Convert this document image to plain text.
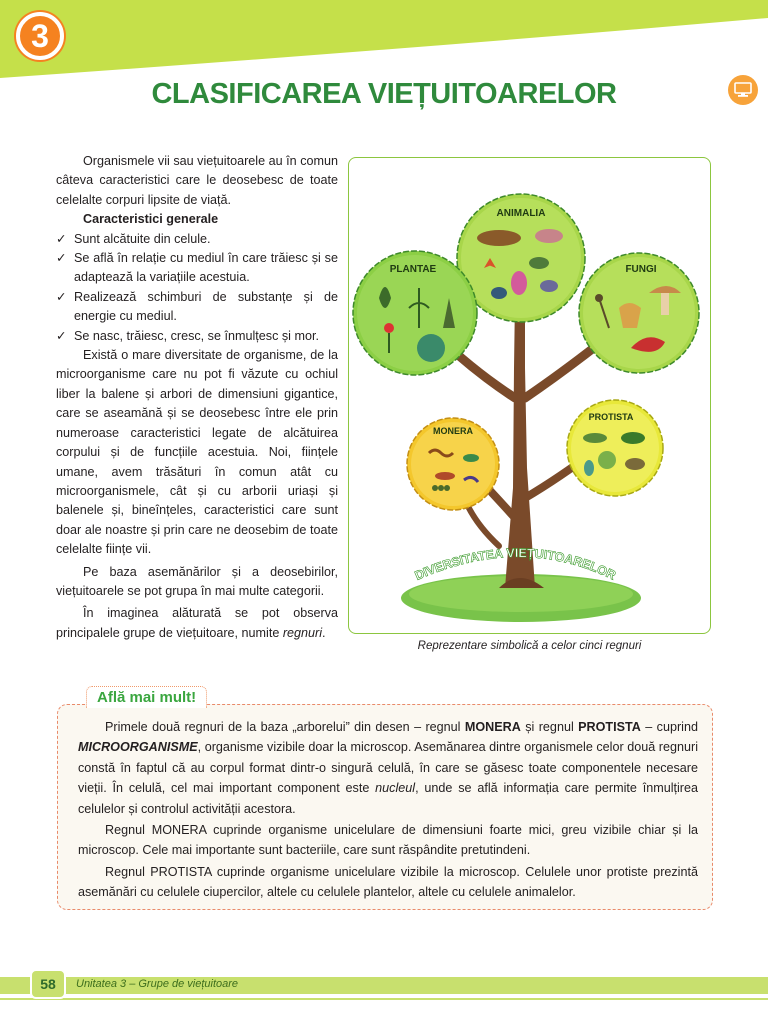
3
CLASIFICAREA VIEȚUITOARELOR

Organismele vii sau viețuitoarele au în comun câteva caracteristici care le deosebesc de toate celelalte corpuri lipsite de viață.

Caracteristici generale

✓ Sunt alcătuite din celule.
✓ Se află în relație cu mediul în care trăiesc și se adaptează la variațiile acestuia.
✓ Realizează schimburi de substanțe și de energie cu mediul.
✓ Se nasc, trăiesc, cresc, se înmulțesc și mor.

Există o mare diversitate de organisme, de la microorganisme care nu pot fi văzute cu ochiul liber la balene și arbori de dimensiuni gigantice, care se aseamănă și se deosebesc între ele prin numeroase caracteristici legate de alcătuirea corpului și de funcțiile acestuia. Noi, ființele umane, avem trăsături în comun atât cu microorganismele, cât și cu arborii uriași și balenele și, bineînțeles, caracteristici care sunt doar ale noastre și prin care ne deosebim de toate celelalte ființe vii.

Pe baza asemănărilor și a deosebirilor, viețuitoarele se pot grupa în mai multe categorii.

În imaginea alăturată se pot observa principalele grupe de viețuitoare, numite regnuri.

ANIMALIA
PLANTAE	FUNGI
MONERA
PROTISTA
DIVERSITATEA VIEȚUITOARELOR
Reprezentare simbolică a celor cinci regnuri
Află mai mult!

Primele două regnuri de la baza „arborelui” din desen – regnul MONERA și regnul PROTISTA – cuprind MICROORGANISME, organisme vizibile doar la microscop. Asemănarea dintre organismele celor două regnuri constă în faptul că au corpul format dintr-o singură celulă, în care se găsesc toate componentele necesare vieții. În celulă, cel mai important component este nucleul, unde se află informația care permite înmulțirea celulelor și controlul activității acestora.

Regnul MONERA cuprinde organisme unicelulare de dimensiuni foarte mici, greu vizibile chiar și la microscop. Cele mai importante sunt bacteriile, care sunt răspândite pretutindeni.

Regnul PROTISTA cuprinde organisme unicelulare vizibile la microscop. Celulele unor protiste prezintă asemănări cu celulele ciupercilor, altele cu celulele plantelor, altele cu celulele animalelor.

58	Unitatea 3 – Grupe de viețuitoare
